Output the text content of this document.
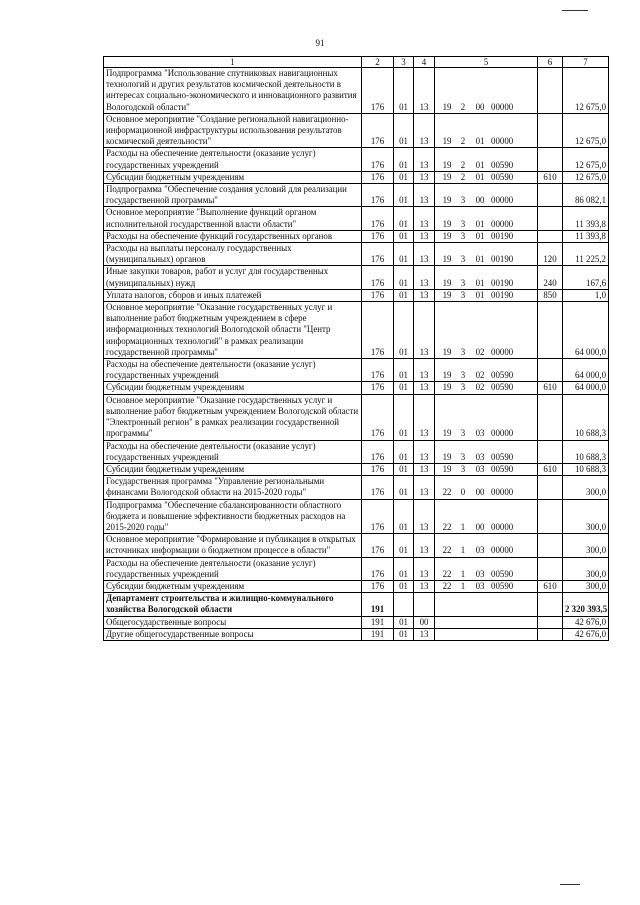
91
1	2	3	4	5	6	7
Подпрограмма "Использование спутниковых навигационных технологий и других результатов космической деятельности в интересах социально-экономического и инновационного развития Вологодской области"	176	01	13	19 2 00 00000		12 675,0
Основное мероприятие "Создание региональной навигационно-информационной инфраструктуры использования результатов космической деятельности"	176	01	13	19 2 01 00000		12 675,0
Расходы на обеспечение деятельности (оказание услуг) государственных учреждений	176	01	13	19 2 01 00590		12 675,0
Субсидии бюджетным учреждениям	176	01	13	19 2 01 00590	610	12 675,0
Подпрограмма "Обеспечение создания условий для реализации государственной программы"	176	01	13	19 3 00 00000		86 082,1
Основное мероприятие "Выполнение функций органом исполнительной государственной власти области"	176	01	13	19 3 01 00000		11 393,8
Расходы на обеспечение функций государственных органов	176	01	13	19 3 01 00190		11 393,8
Расходы на выплаты персоналу государственных (муниципальных) органов	176	01	13	19 3 01 00190	120	11 225,2
Иные закупки товаров, работ и услуг для государственных (муниципальных) нужд	176	01	13	19 3 01 00190	240	167,6
Уплата налогов, сборов и иных платежей	176	01	13	19 3 01 00190	850	1,0
Основное мероприятие "Оказание государственных услуг и выполнение работ бюджетным учреждением в сфере информационных технологий Вологодской области "Центр информационных технологий" в рамках реализации государственной программы"	176	01	13	19 3 02 00000		64 000,0
Расходы на обеспечение деятельности (оказание услуг) государственных учреждений	176	01	13	19 3 02 00590		64 000,0
Субсидии бюджетным учреждениям	176	01	13	19 3 02 00590	610	64 000,0
Основное мероприятие "Оказание государственных услуг и выполнение работ бюджетным учреждением Вологодской области "Электронный регион" в рамках реализации государственной программы"	176	01	13	19 3 03 00000		10 688,3
Расходы на обеспечение деятельности (оказание услуг) государственных учреждений	176	01	13	19 3 03 00590		10 688,3
Субсидии бюджетным учреждениям	176	01	13	19 3 03 00590	610	10 688,3
Государственная программа "Управление региональными финансами Вологодской области на 2015-2020 годы"	176	01	13	22 0 00 00000		300,0
Подпрограмма "Обеспечение сбалансированности областного бюджета и повышение эффективности бюджетных расходов на 2015-2020 годы"	176	01	13	22 1 00 00000		300,0
Основное мероприятие "Формирование и публикация в открытых источниках информации о бюджетном процессе в области"	176	01	13	22 1 03 00000		300,0
Расходы на обеспечение деятельности (оказание услуг) государственных учреждений	176	01	13	22 1 03 00590		300,0
Субсидии бюджетным учреждениям	176	01	13	22 1 03 00590	610	300,0
Департамент строительства и жилищно-коммунального хозяйства Вологодской области	191					2 320 393,5
Общегосударственные вопросы	191	01	00			42 676,0
Другие общегосударственные вопросы	191	01	13			42 676,0
